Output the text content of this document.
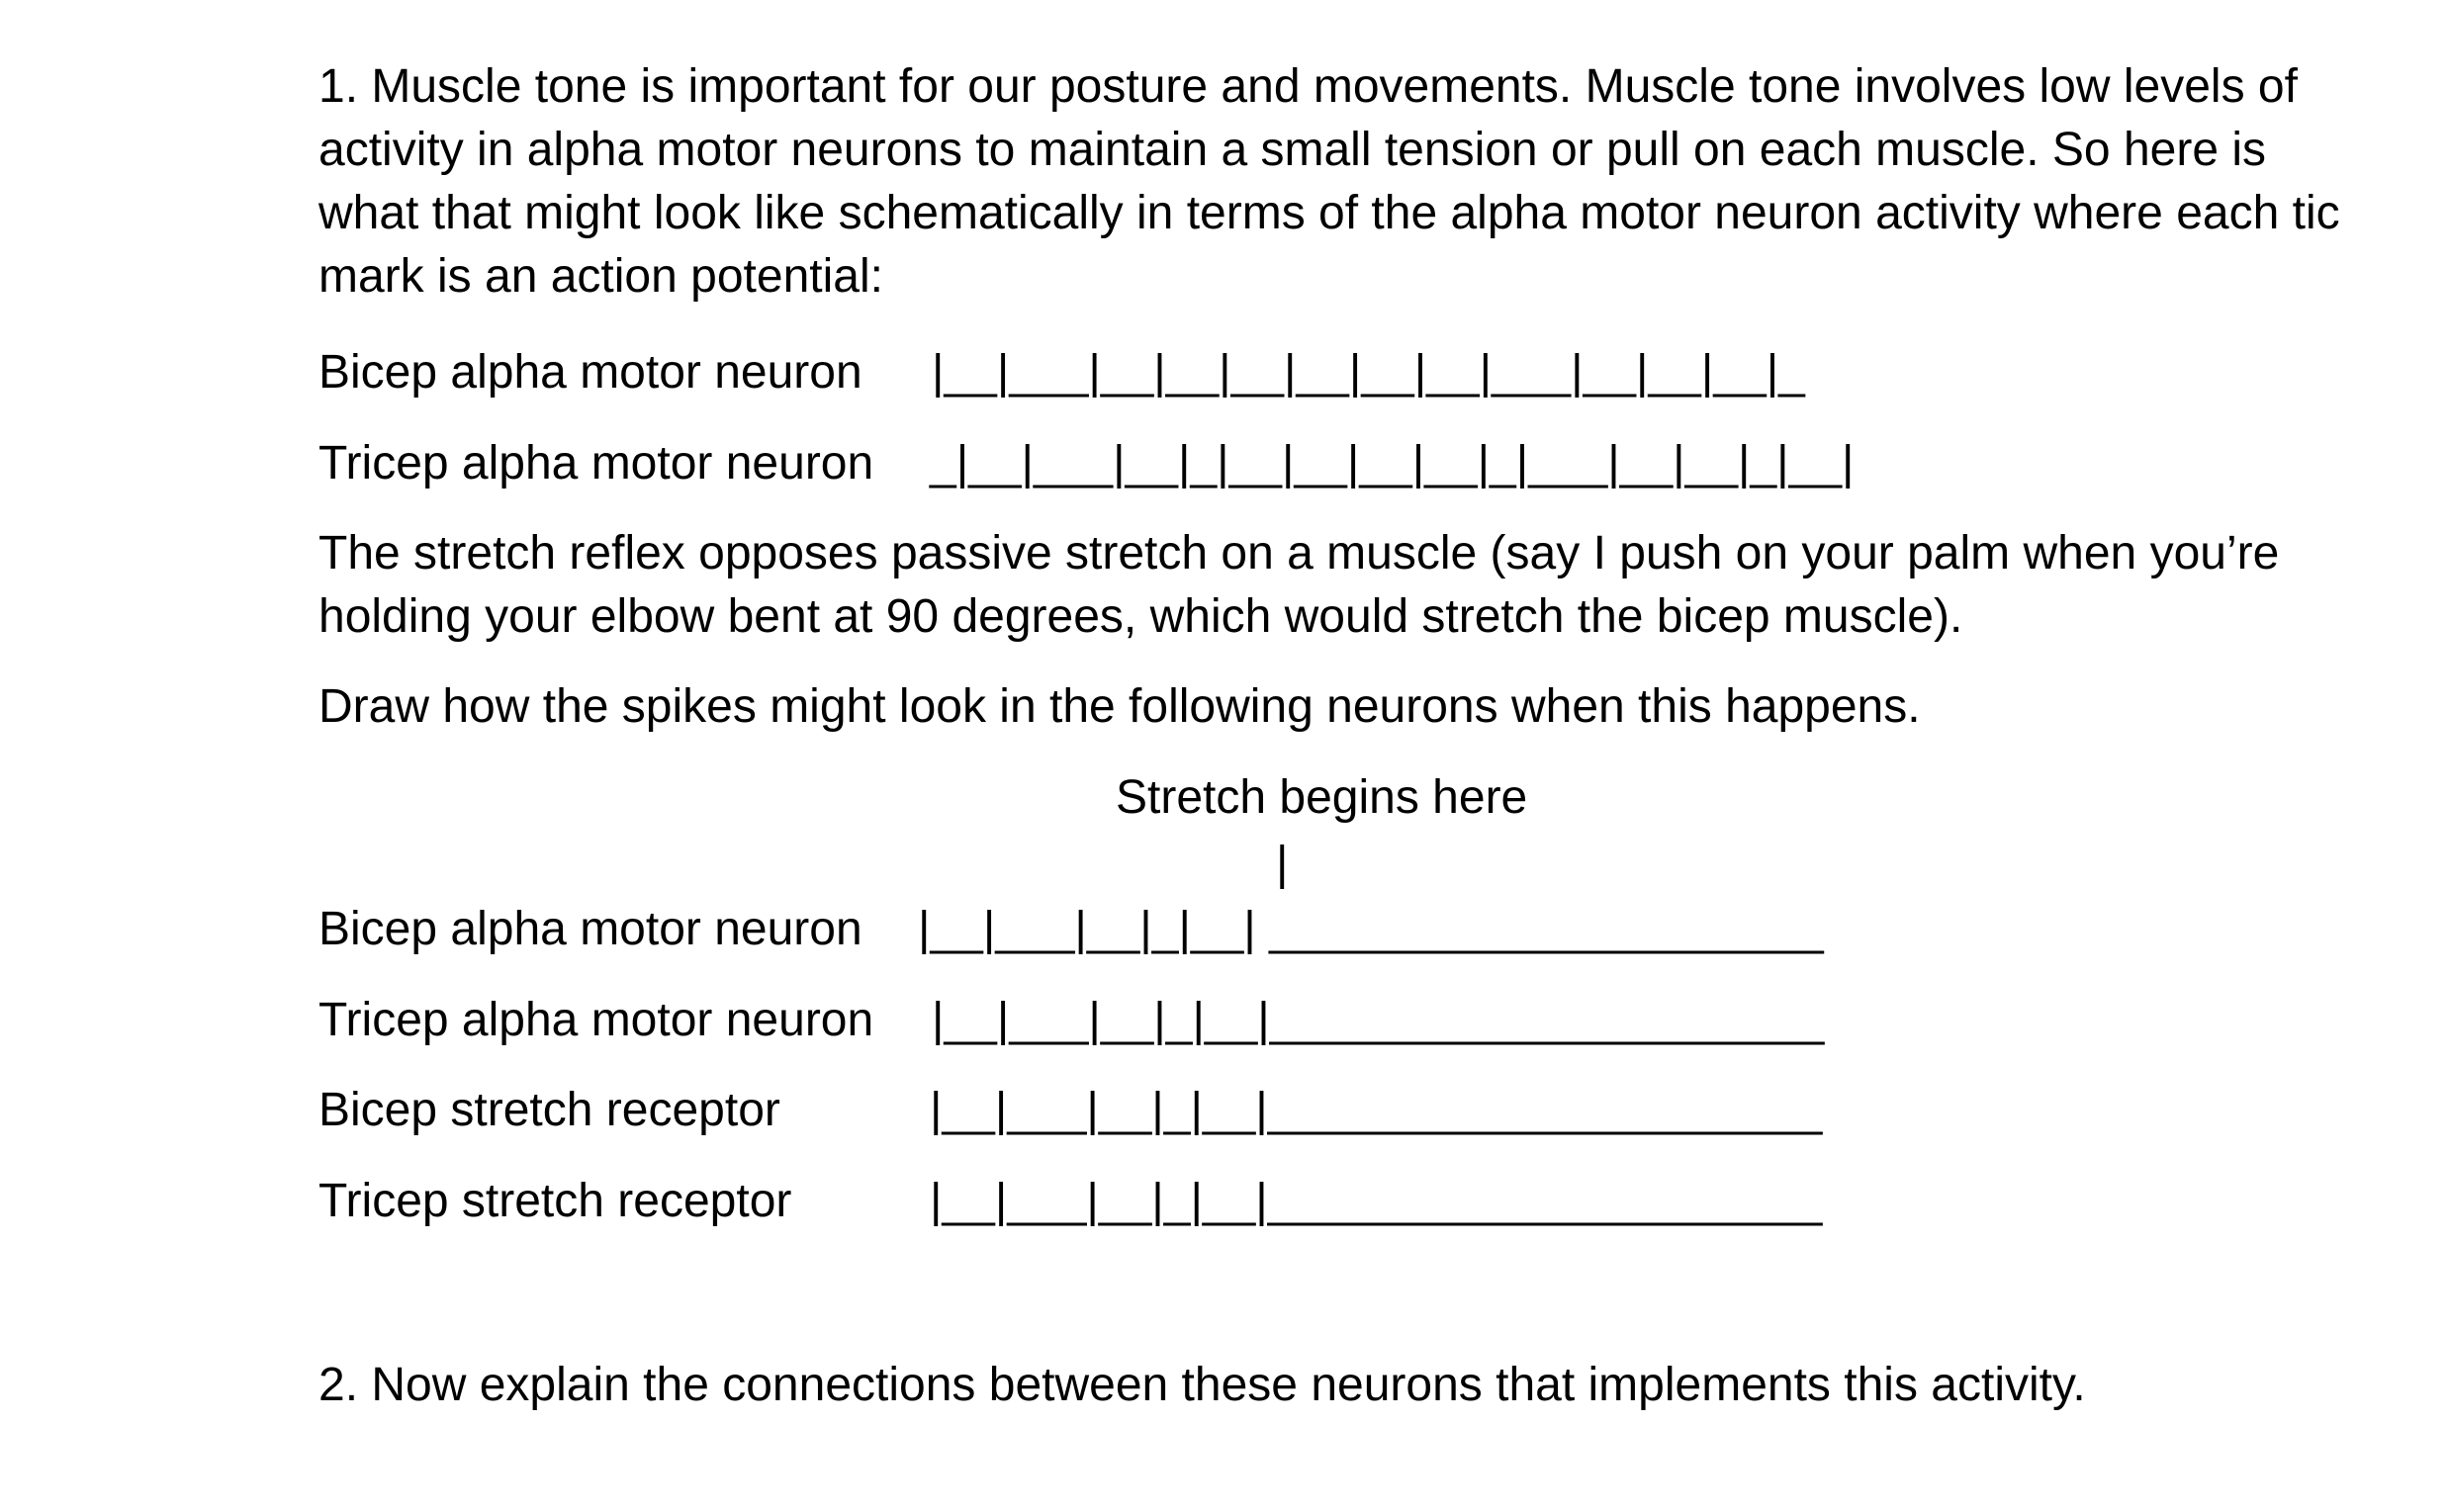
1. Muscle tone is important for our posture and movements. Muscle tone involves low levels of activity in alpha motor neurons to maintain a small tension or pull on each muscle. So here is what that might look like schematically in terms of the alpha motor neuron activity where each tic mark is an action potential:

Bicep alpha motor neuron |__|___|__|__|__|__|__|__|___|__|__|__|_
Tricep alpha motor neuron _|__|___|__|_|__|__|__|__|_|___|__|__|_|__|

The stretch reflex opposes passive stretch on a muscle (say I push on your palm when you’re holding your elbow bent at 90 degrees, which would stretch the bicep muscle).

Draw how the spikes might look in the following neurons when this happens.

Stretch begins here
|
Bicep alpha motor neuron |__|___|__|_|__| _____________________
Tricep alpha motor neuron |__|___|__|_|__|_____________________
Bicep stretch receptor	|__|___|__|_|__|_____________________
Tricep stretch receptor	|__|___|__|_|__|_____________________

2. Now explain the connections between these neurons that implements this activity.
